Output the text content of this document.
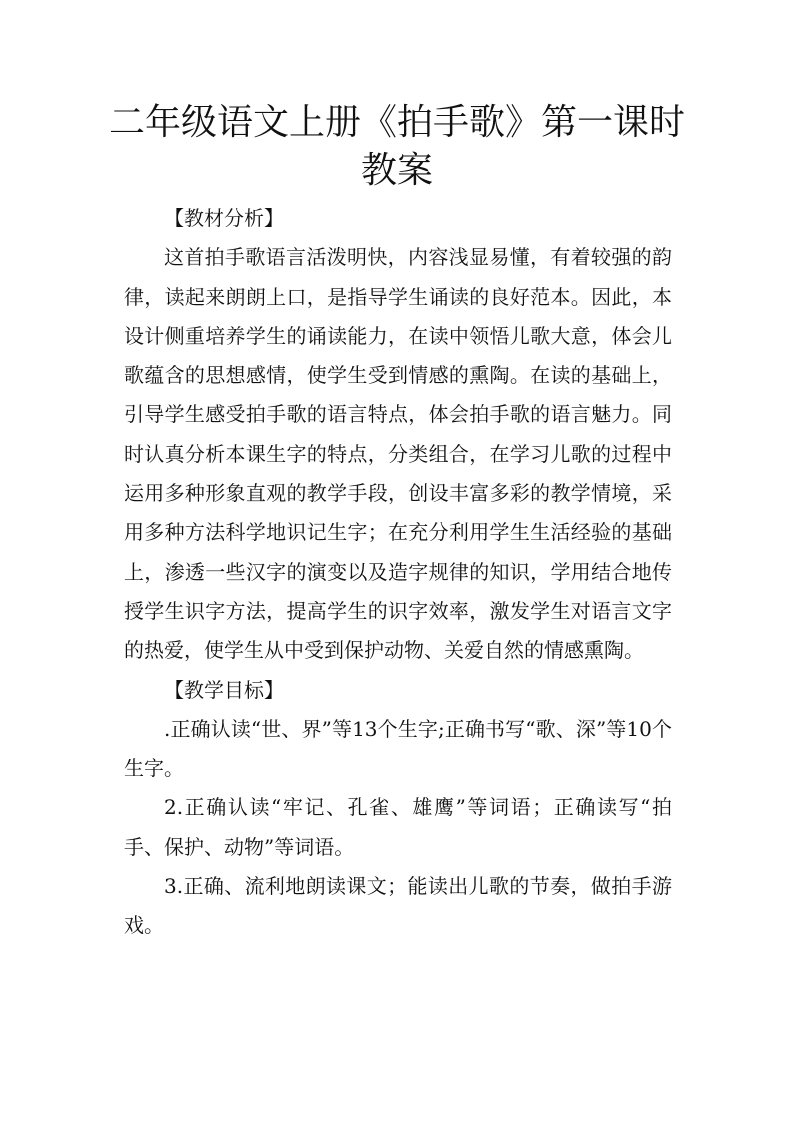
二年级语文上册《拍手歌》第一课时教案

【教材分析】

这首拍手歌语言活泼明快，内容浅显易懂，有着较强的韵律，读起来朗朗上口，是指导学生诵读的良好范本。因此，本设计侧重培养学生的诵读能力，在读中领悟儿歌大意，体会儿歌蕴含的思想感情，使学生受到情感的熏陶。在读的基础上，引导学生感受拍手歌的语言特点，体会拍手歌的语言魅力。同时认真分析本课生字的特点，分类组合，在学习儿歌的过程中运用多种形象直观的教学手段，创设丰富多彩的教学情境，采用多种方法科学地识记生字；在充分利用学生生活经验的基础上，渗透一些汉字的演变以及造字规律的知识，学用结合地传授学生识字方法，提高学生的识字效率，激发学生对语言文字的热爱，使学生从中受到保护动物、关爱自然的情感熏陶。

【教学目标】

.正确认读“世、界”等13个生字;正确书写“歌、深”等10个生字。

2.正确认读“牢记、孔雀、雄鹰”等词语；正确读写“拍手、保护、动物”等词语。

3.正确、流利地朗读课文；能读出儿歌的节奏，做拍手游戏。
